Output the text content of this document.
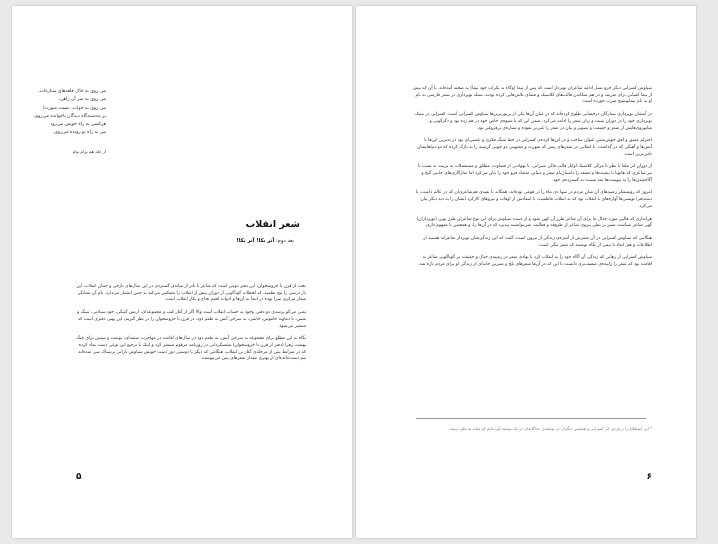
می روی به خاک قلعه‌های ستاره‌ات،
می روی به سر آن راهی،
می روی به جواب، نیست صورت!
بر به‌دسته‌گاه دیدگان ناخوانده می‌روی،
هرکسی به راه خویش می‌رود
می به راه تو رونده می‌روی.
از جلد هم برام بیام
شعر انقلاب
بعد دوم: آتر بکا! آتر بکا!

بحث از قرن یا خروسخوان، این دفتر دومی است که شاعر با تأثر از ميانه‌ی گستردی در این سال‌های نازخی و جنبان انقلاب، این بار درسی را بیچ نظمیه، که لحظات گوناگونی از دوران پیش از انقلاب را منعکس می‌کند به چنین انتشار می‌دارد. نام آن نشانگر شعار مرکزی سرا بوده در ابتدا به آن‌ها و ادوات لحیم تحاج و بکار انقلاب است.

یعنی می‌گو پرسه‌ی دو دفتر، وجود به حساب انقلاب است والا اگر از آغاز کتب و مجموعه‌ای، ارتش گینگی، خود سیادتی، سبگ و شس، با دماوند خاموش، خانقی، به سرخی آتش به طعم دود، در قرن یا خروسخوان را در نظر گیریم، این بهتی دفتری است که منتشر می‌شود.

نگاه به این مطلع برای مجموعه به سرخی آتش، به طعم دود در سال‌های اقامت در مهاجرت سفته‌ای، نوشت و سپس برای چنگ بهشت زهرا (دفتر از قرن تا خروسخوان) نشسگردانی در روزنامه مرقوم منتشر کرد و اینک با ترجیع این نوعی دست نماد کرده که در شرایط پس از مرحله‌ی آغاز بن انقلاب، هنگامی که دیگر با دوستی دور دست خویش سیاوش بارانی ترسناک سی شده‌اند یتم دست‌مانده‌ای از بهتری مقدار شعرهای پس می‌پیوست.

۵

سیاوش کسرایی دیگر جزو نسل ادامه شاعران نوپرداز است که پس از نیما (وگاه به بکرات خود نیما) به صحنه آمده‌اند. با آن که پیش از نیما کسانی برای تعریف و در هم شکاندن قالب‌های کلاسیک و فضای تلاش‌هایی کرده بودند، سبک نوپردازی در شعر فارسی به نام او به نام نیمایوشیج ضرب خورده است.

در آسمان نوپردازی ستارگان درخشانی طلوع کرده‌اند که در میان آن‌ها یکی از پرنورترین‌ها سیاوش کسرایی است. کسرایی در سبک نوپردازی خود را در دوران سنت و زبان شعر را ادامه می‌کرد. ضمن این که با شیوه‌ی خاص خود در هم زده بود و دگرگونی و میانهروی‌هایش از شعر و حقیقت و تصویر و بیان در شعر را غنی‌تر نموده و ستاره‌ی پرفروغی بود.

احترام عمیق و افق خوش‌نفس عنوان ساخت و در این‌ها کرده‌ی کسرایی در خط سنگ فکری و عصبی‌ای بود در نه‌ترین این‌ها با آتش‌ها و آهنگی که در گذاشت. با انقلابی در شعرهای پیش که شهرت و معنویتی دو چوبی گرسنه را به نازک کرده که دو دنیاهایشان نامی‌ترین است.

از دوران اثر ملغا تا نظر تا مرگی کلاسیک اوایل قالب قالی شیرانی، با تهوادنی از قضاوت، مطلق و مستعملات به تربیت به نسب با نیر شاعری که هانوبا با نشیت‌ها و معتقد را داستان‌نام شعر و دنیایی متضاد فرو خود را بیان می‌کرد اما سازگاری‌های جاینی گیج و آگاه‌شدن‌ها را به پیوست‌ها نقد نسبت به گسترده‌ی خود.

امروز که روشنفکر زمینه‌های آن میان مردم در سها دی ماه را در قومی بوده‌اند، همگانه با بقیه‌ی هم‌شاعری‌ان که در عالم داشت، با دست‌فرا نویسی‌ها آوازه‌هاي با انقلاب بود که به انقلاب قاطعیت، با انتقادش از اوقات و نیروهای کارکرد ایشان را به دید دیگر بیان می‌کرد.

هرانداری که قالبی مورد جدال ما برای آن شاعر طرز آن کهن نمود و از دست سیاوش برای این نوع شاعران طرز نوین (نوپردازان) گهی شاعر سیاست تغییر بر بطی پیروی شاعر از ظروفه و فعالیت نمی‌توانسته بپذیرد که در آن‌ها را، و همچنین با مفهوم داری.

هنگامی که سیاوش کسرایی در آن شعرش از آمیزه‌ی زندگی از بیرون است، گفت که این زندگی‌شان نوپرداز شاعرانه هستند از اطلاعات و هنر ابعاد تا نیمی از نگاه نوشتند که شعر تنگی است.

سیاوش کسرایی از رهایی که زندگی آن آگاه خود را به انقلاب کرد با نهادی شعر در زمینه‌ی خیال و حقیقت بر گوناگونی شاعر به اقامت بود که شعر را زاییده‌ی ضعیف‌تری دانست تا این که در آن‌ها شعرهای تلخ و شیرین خانه‌ای از زندگی او برای مردم تازه شد.

* این اصطلاح را درباره‌ی اثر کسرایی و همچنین دیگران در نوشته‌ی جداگانه‌ای در یک نوشته آورده‌ایم که شاید به نظر برسد.
۶
